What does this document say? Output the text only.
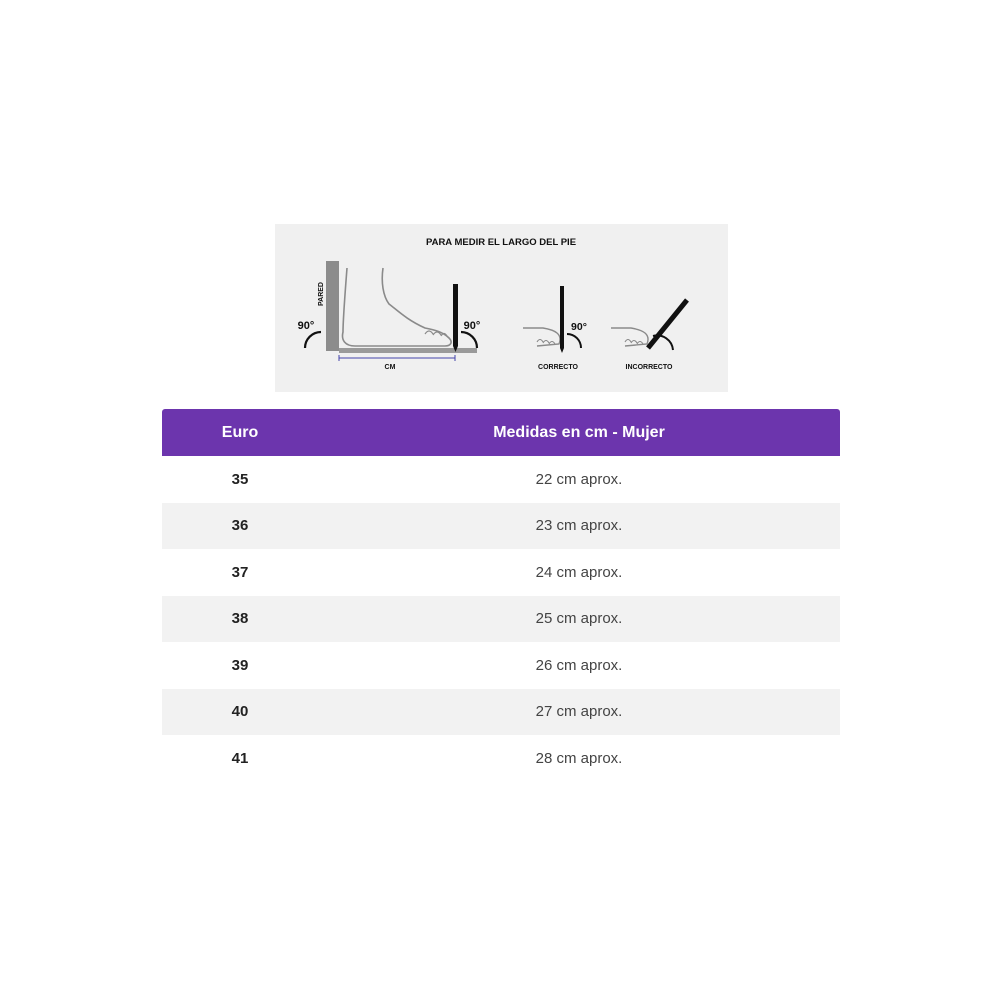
PARA MEDIR EL LARGO DEL PIE
PARED
90°	90°
CM
90°
CORRECTO	INCORRECTO
Euro	Medidas en cm - Mujer
35	22 cm aprox.
36	23 cm aprox.
37	24 cm aprox.
38	25 cm aprox.
39	26 cm aprox.
40	27 cm aprox.
41	28 cm aprox.
